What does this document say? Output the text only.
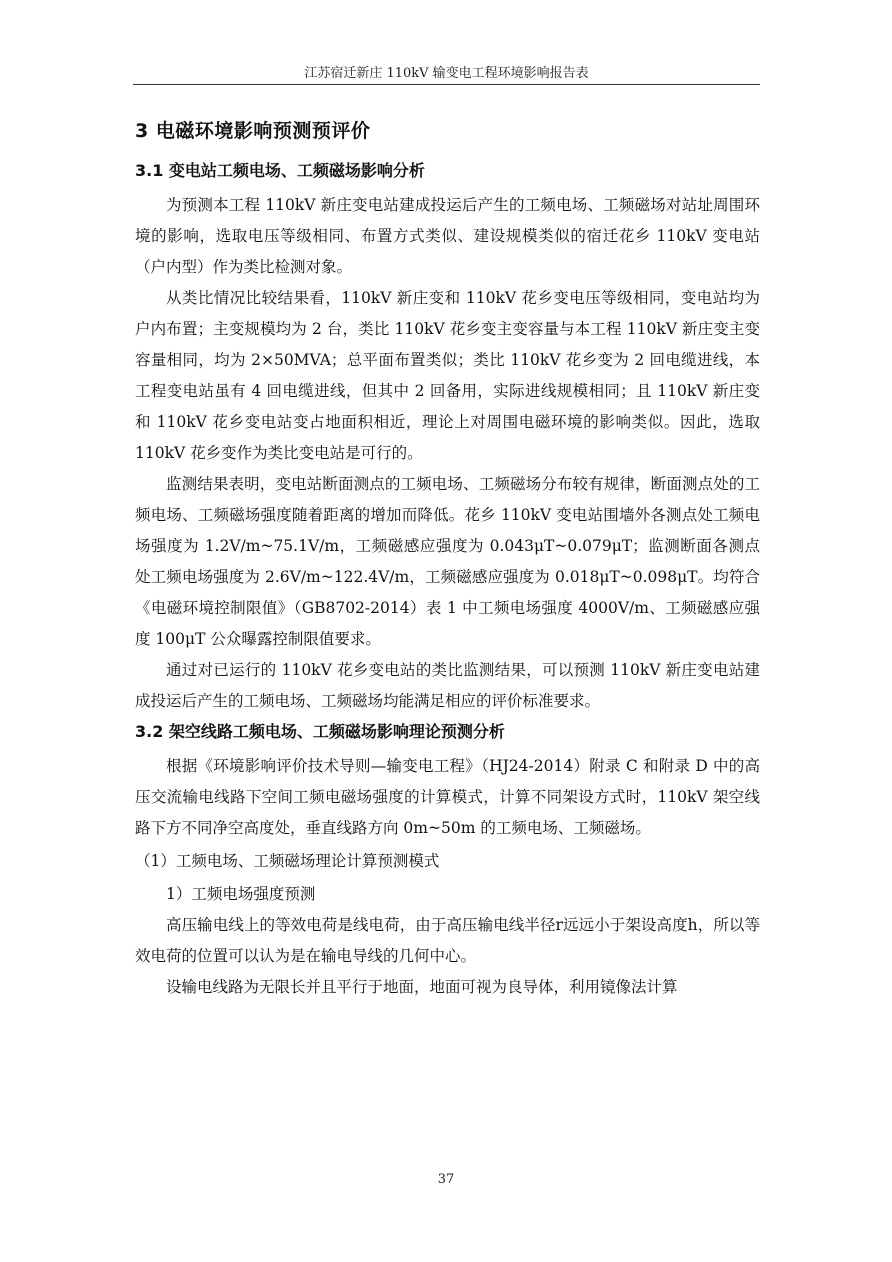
江苏宿迁新庄 110kV 输变电工程环境影响报告表
3 电磁环境影响预测预评价
3.1 变电站工频电场、工频磁场影响分析

为预测本工程 110kV 新庄变电站建成投运后产生的工频电场、工频磁场对站址周围环境的影响，选取电压等级相同、布置方式类似、建设规模类似的宿迁花乡 110kV 变电站（户内型）作为类比检测对象。

从类比情况比较结果看，110kV 新庄变和 110kV 花乡变电压等级相同，变电站均为户内布置；主变规模均为 2 台，类比 110kV 花乡变主变容量与本工程 110kV 新庄变主变容量相同，均为 2×50MVA；总平面布置类似；类比 110kV 花乡变为 2 回电缆进线，本工程变电站虽有 4 回电缆进线，但其中 2 回备用，实际进线规模相同；且 110kV 新庄变和 110kV 花乡变电站变占地面积相近，理论上对周围电磁环境的影响类似。因此，选取 110kV 花乡变作为类比变电站是可行的。

监测结果表明，变电站断面测点的工频电场、工频磁场分布较有规律，断面测点处的工频电场、工频磁场强度随着距离的增加而降低。花乡 110kV 变电站围墙外各测点处工频电场强度为 1.2V/m~75.1V/m，工频磁感应强度为 0.043μT~0.079μT；监测断面各测点处工频电场强度为 2.6V/m~122.4V/m，工频磁感应强度为 0.018μT~0.098μT。均符合《电磁环境控制限值》（GB8702-2014）表 1 中工频电场强度 4000V/m、工频磁感应强度 100μT 公众曝露控制限值要求。

通过对已运行的 110kV 花乡变电站的类比监测结果，可以预测 110kV 新庄变电站建成投运后产生的工频电场、工频磁场均能满足相应的评价标准要求。

3.2 架空线路工频电场、工频磁场影响理论预测分析

根据《环境影响评价技术导则—输变电工程》（HJ24-2014）附录 C 和附录 D 中的高压交流输电线路下空间工频电磁场强度的计算模式，计算不同架设方式时，110kV 架空线路下方不同净空高度处，垂直线路方向 0m~50m 的工频电场、工频磁场。

（1）工频电场、工频磁场理论计算预测模式

1）工频电场强度预测

高压输电线上的等效电荷是线电荷，由于高压输电线半径r远远小于架设高度h，所以等效电荷的位置可以认为是在输电导线的几何中心。

设输电线路为无限长并且平行于地面，地面可视为良导体，利用镜像法计算

37
